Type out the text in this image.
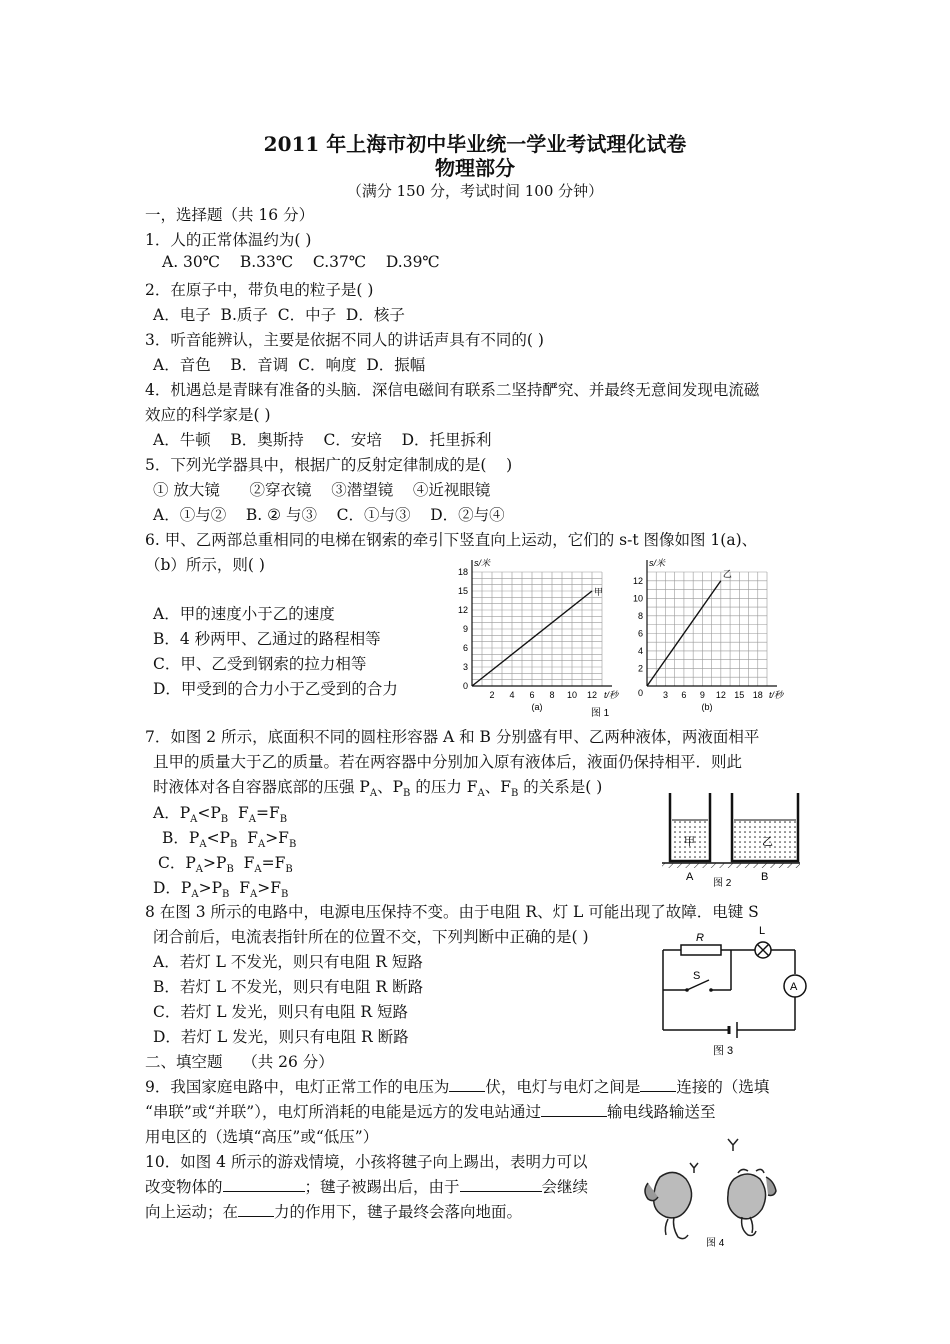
2011 年上海市初中毕业统一学业考试理化试卷
物理部分
（满分 150 分，考试时间 100 分钟）
一，选择题（共 16 分）
1．人的正常体温约为( )
A. 30℃    B.33℃    C.37℃    D.39℃
2．在原子中，带负电的粒子是( )
A．电子  B.质子  C．中子  D．核子
3．听音能辨认，主要是依据不同人的讲话声具有不同的( )
A．音色    B．音调  C．响度  D．振幅
4．机遇总是青睐有准备的头脑．深信电磁间有联系二坚持酽究、并最终无意间发现电流磁
效应的科学家是( )
A．牛顿    B．奥斯持    C．安培    D．托里拆利
5．下列光学器具中，根据广的反射定律制成的是(    )
① 放大镜      ②穿衣镜    ③潜望镜    ④近视眼镜
A．①与②    B. ② 与③    C．①与③    D．②与④
6. 甲、乙两部总重相同的电梯在钢索的牵引下竖直向上运动，它们的 s-t 图像如图 1(a)、
（b）所示，则( )
A．甲的速度小于乙的速度
B．4 秒两甲、乙通过的路程相等
C．甲、乙受到钢索的拉力相等
D．甲受到的合力小于乙受到的合力	0
3
6
9
12
15
18
2 4 6 8 10 12
s/米
t/秒
甲
(a)
2
4
6
8
10
12
3 6 9 12 15 18
0
s/米
t/秒
乙
(b)
图 1
7．如图 2 所示，底面积不同的圆柱形容器 A 和 B 分别盛有甲、乙两种液体，两液面相平
且甲的质量大于乙的质量。若在两容器中分别加入原有液体后，液面仍保持相平．则此
时液体对各自容器底部的压强 $P_A$、$P_B$ 的压力 $F_A$、$F_B$ 的关系是( )
A．$P_A<P_B$  $F_A=F_B$
B．$P_A<P_B$  $F_A>F_B$
C．$P_A>P_B$  $F_A=F_B$
D．$P_A>P_B$  $F_A>F_B$
甲	乙
A
图 2
B
8 在图 3 所示的电路中，电源电压保持不变。由于电阻 R、灯 L 可能出现了故障．电键 S
闭合前后，电流表指针所在的位置不交，下列判断中正确的是( )
A．若灯 L 不发光，则只有电阻 R 短路
B．若灯 L 不发光，则只有电阻 R 断路
C．若灯 L 发光，则只有电阻 R 短路
D．若灯 L 发光，则只有电阻 R 断路
R
L
S
A
图 3
二、填空题    （共 26 分）
9．我国家庭电路中，电灯正常工作的电压为 伏，电灯与电灯之间是 连接的（选填
“串联”或“并联”），电灯所消耗的电能是远方的发电站通过	输电线路输送至
用电区的（选填“高压”或“低压”）
10．如图 4 所示的游戏情境，小孩将毽子向上踢出，表明力可以
改变物体的	；毽子被踢出后，由于	会继续
向上运动；在 力的作用下，毽子最终会落向地面。
图 4
